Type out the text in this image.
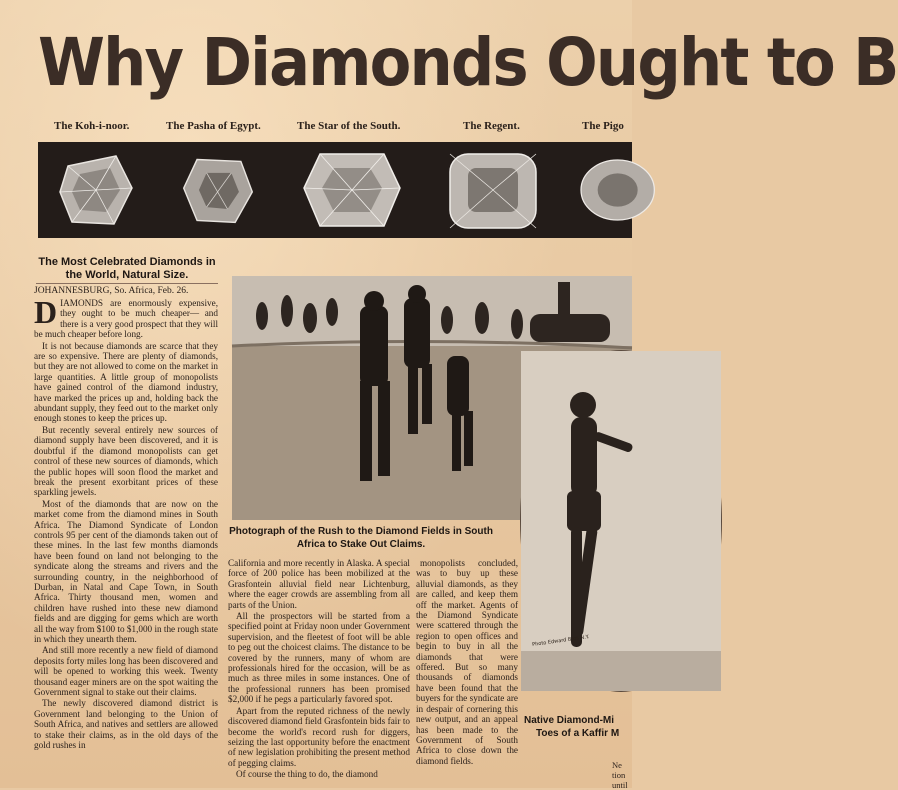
Why Diamonds Ought to B
The Koh-i-noor.	The Pasha of Egypt.	The Star of the South.	The Regent.	The Pigo
The Most Celebrated Diamonds in the World, Natural Size.
JOHANNESBURG, So. Africa, Feb. 26.

D IAMONDS are enormously expensive, they ought to be much cheaper— and there is a very good prospect that they will be much cheaper before long.

It is not because diamonds are scarce that they are so expensive. There are plenty of diamonds, but they are not allowed to come on the market in large quantities. A little group of monopolists have gained control of the diamond industry, have marked the prices up and, holding back the abundant supply, they feed out to the market only enough stones to keep the prices up.

But recently several entirely new sources of diamond supply have been discovered, and it is doubtful if the diamond monopolists can get control of these new sources of diamonds, which the public hopes will soon flood the market and break the present exorbitant prices of these sparkling jewels.

Most of the diamonds that are now on the market come from the diamond mines in South Africa. The Diamond Syndicate of London controls 95 per cent of the diamonds taken out of these mines. In the last few months diamonds have been found on land not belonging to the syndicate along the streams and rivers and the surrounding country, in the neighborhood of Durban, in Natal and Cape Town, in South Africa. Thirty thousand men, women and children have rushed into these new diamond fields and are digging for gems which are worth all the way from $100 to $1,000 in the rough state in which they unearth them.

And still more recently a new field of diamond deposits forty miles long has been discovered and will be opened to working this week. Twenty thousand eager miners are on the spot waiting the Government signal to stake out their claims.

The newly discovered diamond district is Government land belonging to the Union of South Africa, and natives and settlers are allowed to stake their claims, as in the old days of the gold rushes in

Photograph of the Rush to the Diamond Fields in South Africa to Stake Out Claims.

California and more recently in Alaska. A special force of 200 police has been mobilized at the Grasfontein alluvial field near Lichtenburg, where the eager crowds are assembling from all parts of the Union.

All the prospectors will be started from a specified point at Friday noon under Government supervision, and the fleetest of foot will be able to peg out the choicest claims. The distance to be covered by the runners, many of whom are professionals hired for the occasion, will be as much as three miles in some instances. One of the professional runners has been promised $2,000 if he pegs a particularly favored spot.

Apart from the reputed richness of the newly discovered diamond field Grasfontein bids fair to become the world's record rush for diggers, seizing the last opportunity before the enactment of new legislation prohibiting the present method of pegging claims.

Of course the thing to do, the diamond

monopolists concluded, was to buy up these alluvial diamonds, as they are called, and keep them off the market. Agents of the Diamond Syndicate were scattered through the region to open offices and begin to buy in all the diamonds that were offered. But so many thousands of diamonds have been found that the buyers for the syndicate are in despair of cornering this new output, and an appeal has been made to the Government of South Africa to close down the diamond fields.

Photo Edward Bros N.Y.
Native Diamond-Mi
Toes of a Kaffir M
Ne
tion
until
